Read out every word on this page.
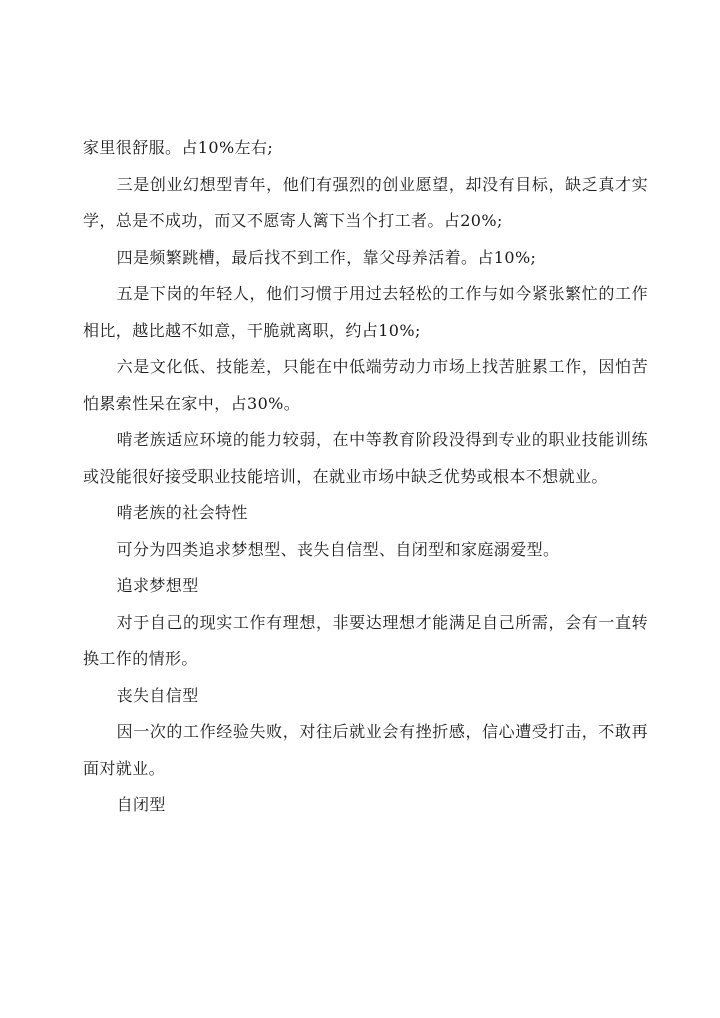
家里很舒服。占10%左右;

三是创业幻想型青年，他们有强烈的创业愿望，却没有目标，缺乏真才实学，总是不成功，而又不愿寄人篱下当个打工者。占20%;

四是频繁跳槽，最后找不到工作，靠父母养活着。占10%;

五是下岗的年轻人，他们习惯于用过去轻松的工作与如今紧张繁忙的工作相比，越比越不如意，干脆就离职，约占10%;

六是文化低、技能差，只能在中低端劳动力市场上找苦脏累工作，因怕苦怕累索性呆在家中，占30%。

啃老族适应环境的能力较弱，在中等教育阶段没得到专业的职业技能训练或没能很好接受职业技能培训，在就业市场中缺乏优势或根本不想就业。

啃老族的社会特性

可分为四类追求梦想型、丧失自信型、自闭型和家庭溺爱型。

追求梦想型

对于自己的现实工作有理想，非要达理想才能满足自己所需，会有一直转换工作的情形。

丧失自信型

因一次的工作经验失败，对往后就业会有挫折感，信心遭受打击，不敢再面对就业。

自闭型
